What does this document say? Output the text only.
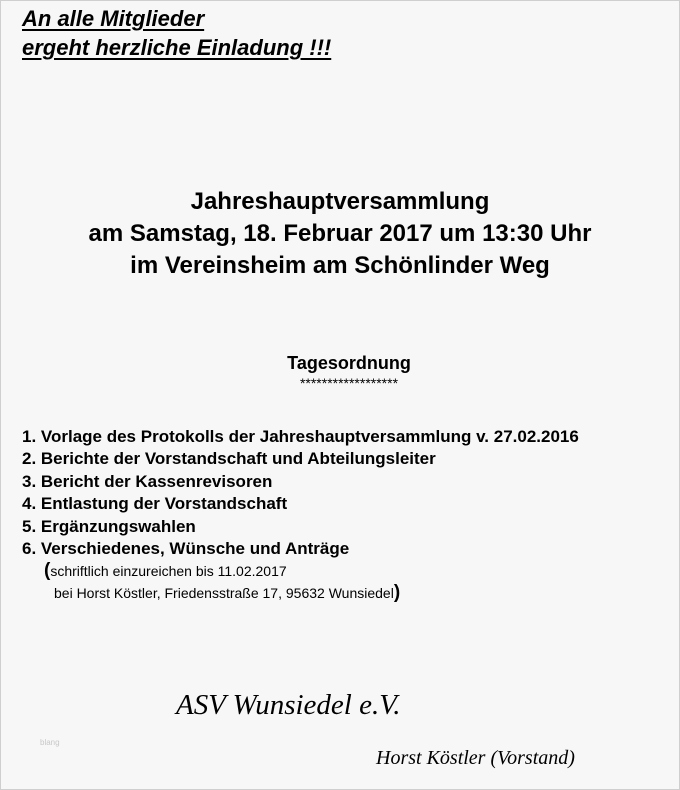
An alle Mitglieder
ergeht herzliche Einladung !!!
Jahreshauptversammlung
am Samstag, 18. Februar 2017 um 13:30 Uhr
im Vereinsheim am Schönlinder Weg
Tagesordnung
******************
1. Vorlage des Protokolls der Jahreshauptversammlung v. 27.02.2016
2. Berichte der Vorstandschaft und Abteilungsleiter
3. Bericht der Kassenrevisoren
4. Entlastung der Vorstandschaft
5. Ergänzungswahlen
6. Verschiedenes, Wünsche und Anträge
(schriftlich einzureichen bis 11.02.2017
bei Horst Köstler, Friedensstraße 17, 95632 Wunsiedel)
ASV Wunsiedel e.V.
blang
Horst Köstler (Vorstand)
